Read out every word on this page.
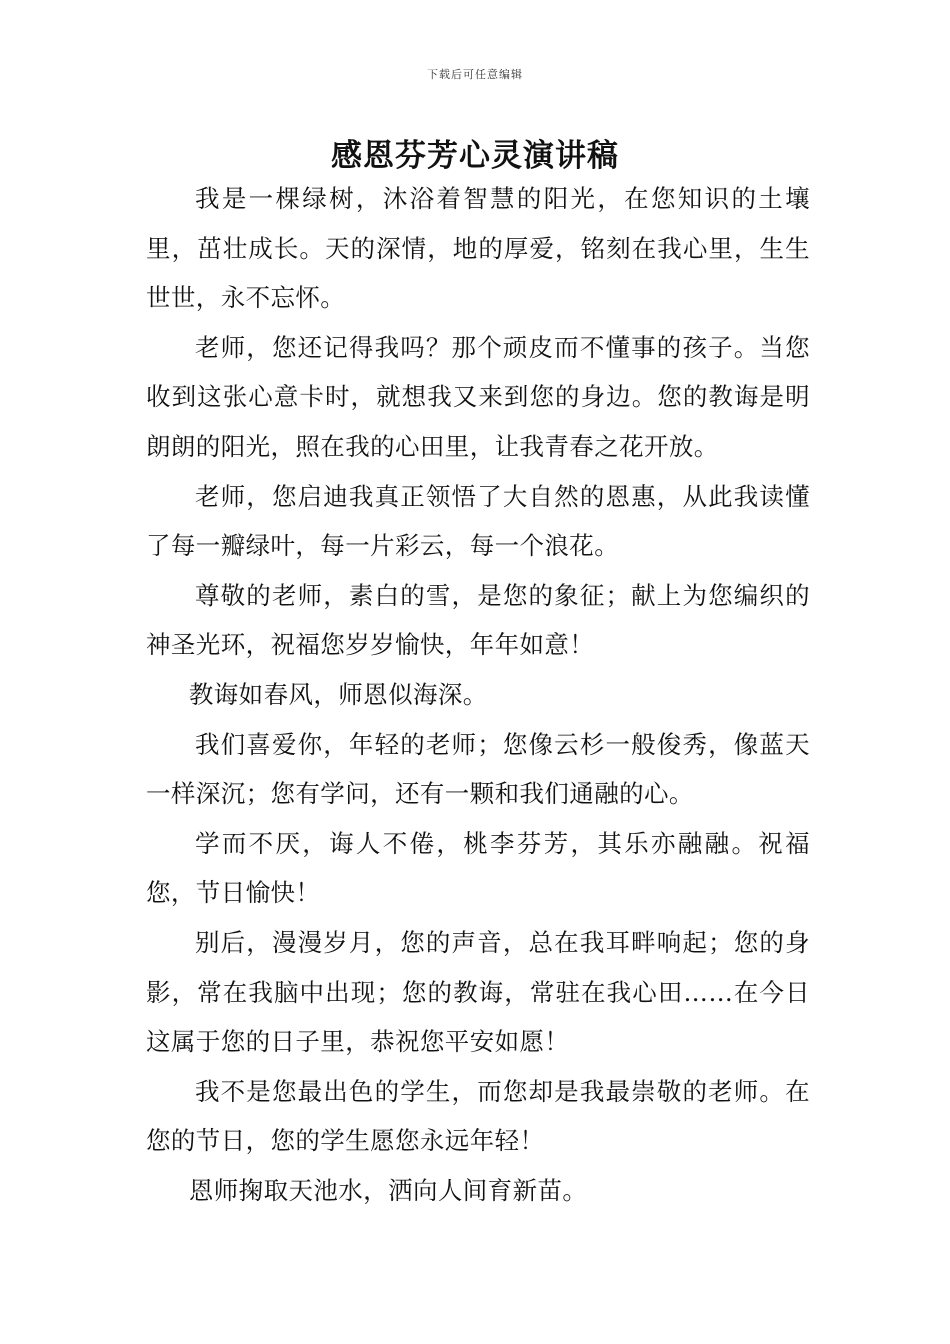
下载后可任意编辑
感恩芬芳心灵演讲稿

我是一棵绿树，沐浴着智慧的阳光，在您知识的土壤里，茁壮成长。天的深情，地的厚爱，铭刻在我心里，生生世世，永不忘怀。

老师，您还记得我吗？那个顽皮而不懂事的孩子。当您收到这张心意卡时，就想我又来到您的身边。您的教诲是明朗朗的阳光，照在我的心田里，让我青春之花开放。

老师，您启迪我真正领悟了大自然的恩惠，从此我读懂了每一瓣绿叶，每一片彩云，每一个浪花。

尊敬的老师，素白的雪，是您的象征；献上为您编织的神圣光环，祝福您岁岁愉快，年年如意！

教诲如春风，师恩似海深。

我们喜爱你，年轻的老师；您像云杉一般俊秀，像蓝天一样深沉；您有学问，还有一颗和我们通融的心。

学而不厌，诲人不倦，桃李芬芳，其乐亦融融。祝福您，节日愉快！

别后，漫漫岁月，您的声音，总在我耳畔响起；您的身影，常在我脑中出现；您的教诲，常驻在我心田……在今日这属于您的日子里，恭祝您平安如愿！

我不是您最出色的学生，而您却是我最崇敬的老师。在您的节日，您的学生愿您永远年轻！

恩师掬取天池水，洒向人间育新苗。
